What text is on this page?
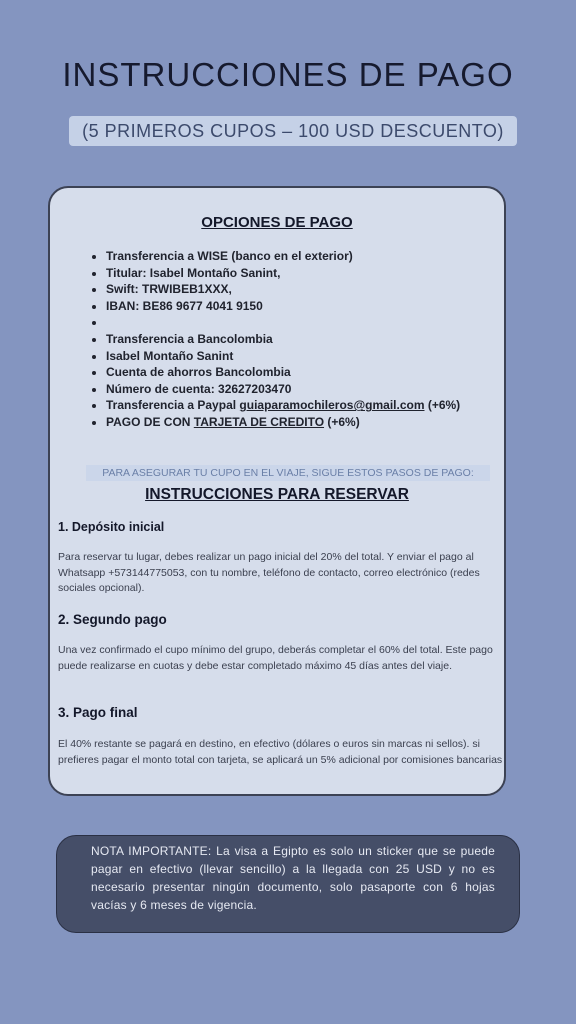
INSTRUCCIONES DE PAGO
(5 PRIMEROS CUPOS – 100 USD DESCUENTO)
OPCIONES DE PAGO
• Transferencia a WISE (banco en el exterior)
• Titular: Isabel Montaño Sanint,
• Swift: TRWIBEB1XXX,
• IBAN: BE86 9677 4041 9150
•
• Transferencia a Bancolombia
• Isabel Montaño Sanint
• Cuenta de ahorros Bancolombia
• Número de cuenta: 32627203470
• Transferencia a Paypal guiaparamochileros@gmail.com (+6%)
• PAGO DE CON TARJETA DE CREDITO (+6%)
PARA ASEGURAR TU CUPO EN EL VIAJE, SIGUE ESTOS PASOS DE PAGO:
INSTRUCCIONES PARA RESERVAR
1. Depósito inicial
Para reservar tu lugar, debes realizar un pago inicial del 20% del total. Y enviar el pago al Whatsapp +573144775053, con tu nombre, teléfono de contacto, correo electrónico (redes sociales opcional).
2. Segundo pago
Una vez confirmado el cupo mínimo del grupo, deberás completar el 60% del total. Este pago puede realizarse en cuotas y debe estar completado máximo 45 días antes del viaje.
3. Pago final
El 40% restante se pagará en destino, en efectivo (dólares o euros sin marcas ni sellos). si prefieres pagar el monto total con tarjeta, se aplicará un 5% adicional por comisiones bancarias
NOTA IMPORTANTE: La visa a Egipto es solo un sticker que se puede pagar en efectivo (llevar sencillo) a la llegada con 25 USD y no es necesario presentar ningún documento, solo pasaporte con 6 hojas vacías y 6 meses de vigencia.
